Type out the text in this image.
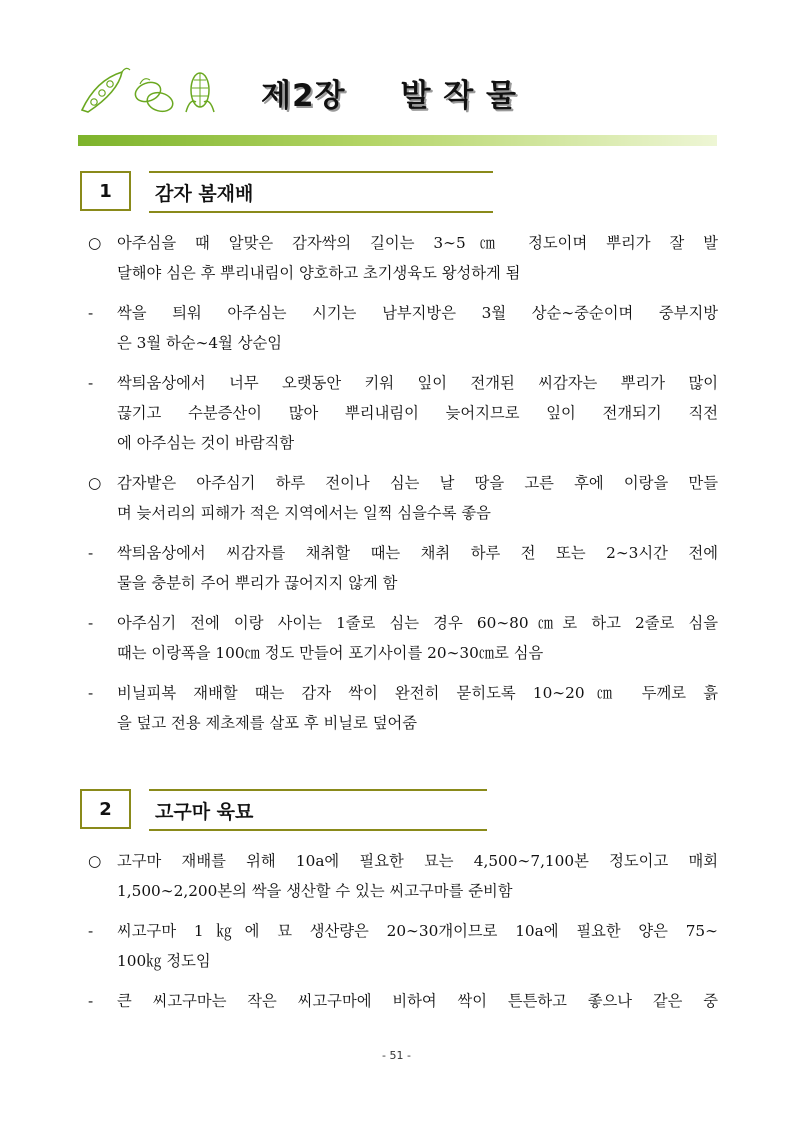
제2장 발 작 물
1	감자 봄재배
○ 아주심을 때 알맞은 감자싹의 길이는 3∼5㎝ 정도이며 뿌리가 잘 발
달해야 심은 후 뿌리내림이 양호하고 초기생육도 왕성하게 됨
- 싹을 틔워 아주심는 시기는 남부지방은 3월 상순∼중순이며 중부지방
은 3월 하순∼4월 상순임
- 싹틔움상에서 너무 오랫동안 키워 잎이 전개된 씨감자는 뿌리가 많이
끊기고 수분증산이 많아 뿌리내림이 늦어지므로 잎이 전개되기 직전
에 아주심는 것이 바람직함
○ 감자밭은 아주심기 하루 전이나 심는 날 땅을 고른 후에 이랑을 만들
며 늦서리의 피해가 적은 지역에서는 일찍 심을수록 좋음
- 싹틔움상에서 씨감자를 채취할 때는 채취 하루 전 또는 2∼3시간 전에
물을 충분히 주어 뿌리가 끊어지지 않게 함
- 아주심기 전에 이랑 사이는 1줄로 심는 경우 60∼80㎝로 하고 2줄로 심을
때는 이랑폭을 100㎝ 정도 만들어 포기사이를 20∼30㎝로 심음
- 비닐피복 재배할 때는 감자 싹이 완전히 묻히도록 10∼20㎝ 두께로 흙
을 덮고 전용 제초제를 살포 후 비닐로 덮어줌
2	고구마 육묘
○ 고구마 재배를 위해 10a에 필요한 묘는 4,500∼7,100본 정도이고 매회
1,500∼2,200본의 싹을 생산할 수 있는 씨고구마를 준비함
- 씨고구마 1㎏에 묘 생산량은 20∼30개이므로 10a에 필요한 양은 75∼
100㎏ 정도임
- 큰 씨고구마는 작은 씨고구마에 비하여 싹이 튼튼하고 좋으나 같은 중
- 51 -
